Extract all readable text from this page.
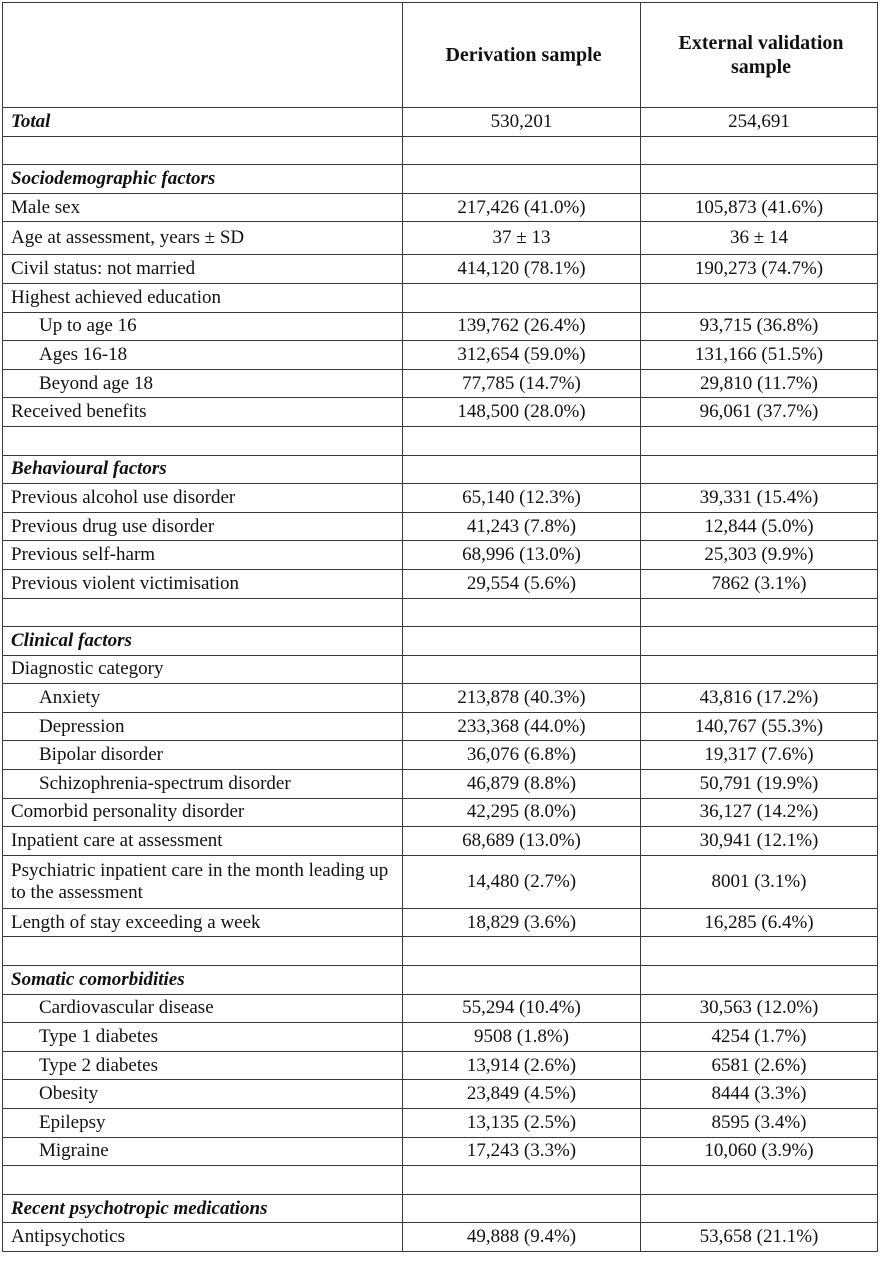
	Derivation sample	External validation sample
Total	530,201	254,691

Sociodemographic factors		
Male sex	217,426 (41.0%)	105,873 (41.6%)
Age at assessment, years ± SD	37 ± 13	36 ± 14
Civil status: not married	414,120 (78.1%)	190,273 (74.7%)
Highest achieved education		
Up to age 16	139,762 (26.4%)	93,715 (36.8%)
Ages 16-18	312,654 (59.0%)	131,166 (51.5%)
Beyond age 18	77,785 (14.7%)	29,810 (11.7%)
Received benefits	148,500 (28.0%)	96,061 (37.7%)

Behavioural factors		
Previous alcohol use disorder	65,140 (12.3%)	39,331 (15.4%)
Previous drug use disorder	41,243 (7.8%)	12,844 (5.0%)
Previous self-harm	68,996 (13.0%)	25,303 (9.9%)
Previous violent victimisation	29,554 (5.6%)	7862 (3.1%)

Clinical factors		
Diagnostic category		
Anxiety	213,878 (40.3%)	43,816 (17.2%)
Depression	233,368 (44.0%)	140,767 (55.3%)
Bipolar disorder	36,076 (6.8%)	19,317 (7.6%)
Schizophrenia-spectrum disorder	46,879 (8.8%)	50,791 (19.9%)
Comorbid personality disorder	42,295 (8.0%)	36,127 (14.2%)
Inpatient care at assessment	68,689 (13.0%)	30,941 (12.1%)
Psychiatric inpatient care in the month leading up to the assessment	14,480 (2.7%)	8001 (3.1%)
Length of stay exceeding a week	18,829 (3.6%)	16,285 (6.4%)

Somatic comorbidities		
Cardiovascular disease	55,294 (10.4%)	30,563 (12.0%)
Type 1 diabetes	9508 (1.8%)	4254 (1.7%)
Type 2 diabetes	13,914 (2.6%)	6581 (2.6%)
Obesity	23,849 (4.5%)	8444 (3.3%)
Epilepsy	13,135 (2.5%)	8595 (3.4%)
Migraine	17,243 (3.3%)	10,060 (3.9%)

Recent psychotropic medications		
Antipsychotics	49,888 (9.4%)	53,658 (21.1%)
